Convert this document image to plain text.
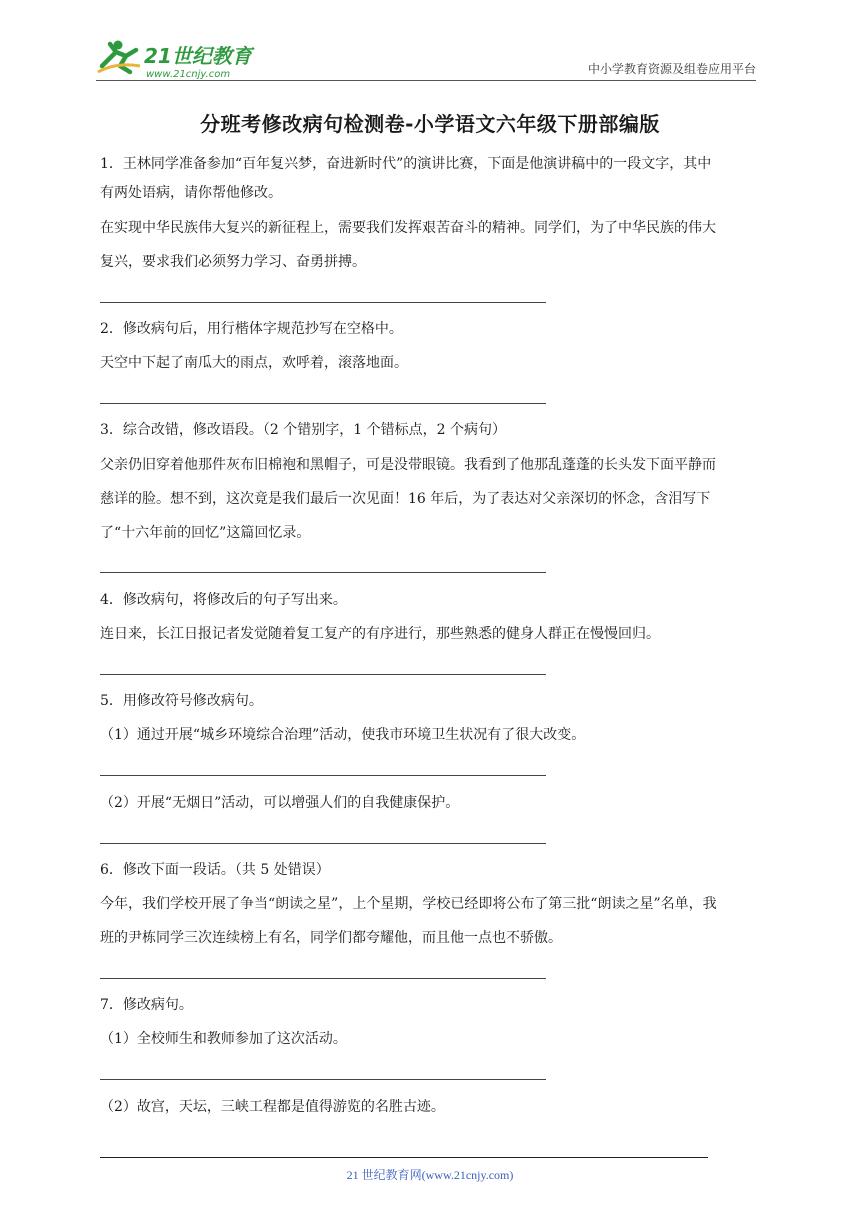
21世纪教育
www.21cnjy.com	中小学教育资源及组卷应用平台
分班考修改病句检测卷-小学语文六年级下册部编版
1．王林同学准备参加“百年复兴梦，奋进新时代”的演讲比赛，下面是他演讲稿中的一段文字，其中
有两处语病，请你帮他修改。
在实现中华民族伟大复兴的新征程上，需要我们发挥艰苦奋斗的精神。同学们，为了中华民族的伟大
复兴，要求我们必须努力学习、奋勇拼搏。
2．修改病句后，用行楷体字规范抄写在空格中。
天空中下起了南瓜大的雨点，欢呼着，滚落地面。
3．综合改错，修改语段。（2 个错别字，1 个错标点，2 个病句）
父亲仍旧穿着他那件灰布旧棉袍和黑帽子，可是没带眼镜。我看到了他那乱蓬蓬的长头发下面平静而
慈详的脸。想不到，这次竟是我们最后一次见面！16 年后，为了表达对父亲深切的怀念，含泪写下
了“十六年前的回忆”这篇回忆录。
4．修改病句，将修改后的句子写出来。
连日来，长江日报记者发觉随着复工复产的有序进行，那些熟悉的健身人群正在慢慢回归。
5．用修改符号修改病句。
（1）通过开展“城乡环境综合治理”活动，使我市环境卫生状况有了很大改变。
（2）开展“无烟日”活动，可以增强人们的自我健康保护。
6．修改下面一段话。（共 5 处错误）
今年，我们学校开展了争当“朗读之星”，上个星期，学校已经即将公布了第三批“朗读之星”名单，我
班的尹栋同学三次连续榜上有名，同学们都夸耀他，而且他一点也不骄傲。
7．修改病句。
（1）全校师生和教师参加了这次活动。
（2）故宫，天坛，三峡工程都是值得游览的名胜古迹。
21 世纪教育网(www.21cnjy.com)
